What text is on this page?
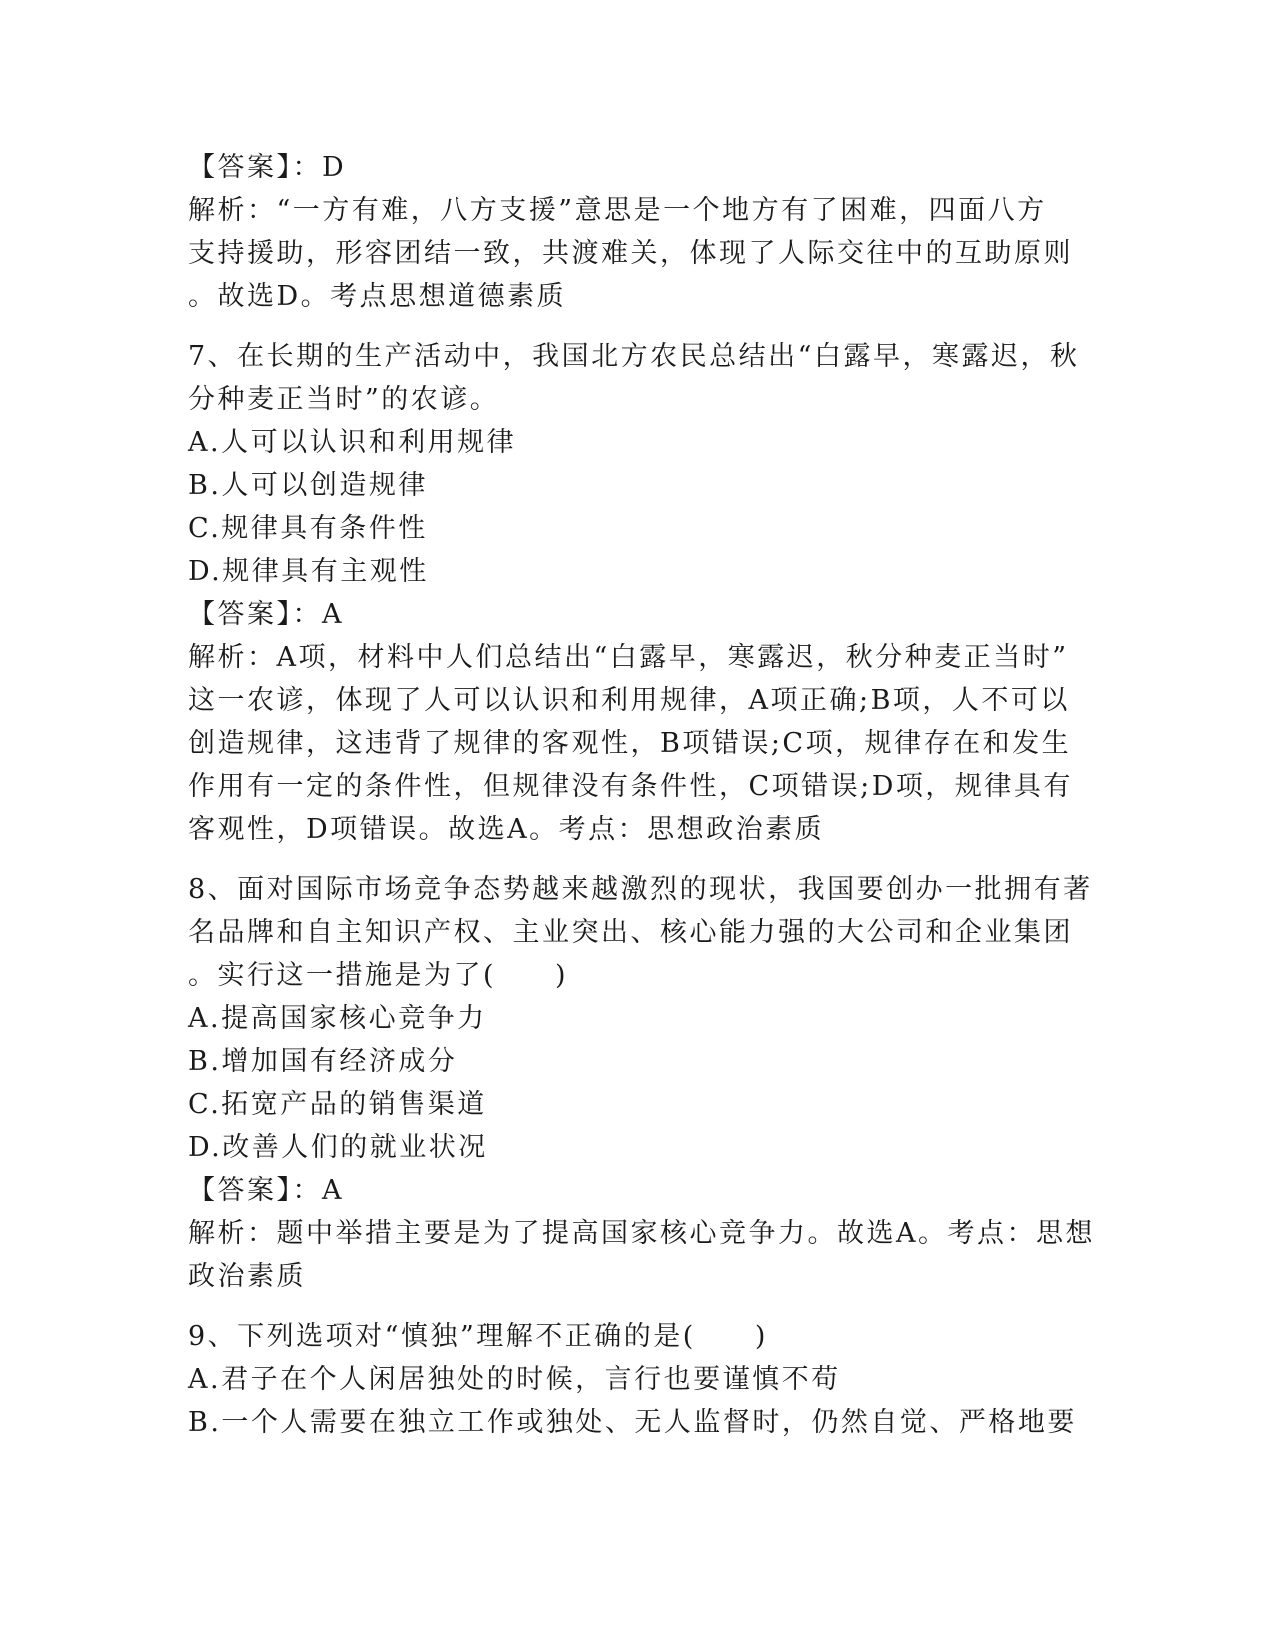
【答案】：D
解析：“一方有难，八方支援”意思是一个地方有了困难，四面八方
支持援助，形容团结一致，共渡难关，体现了人际交往中的互助原则
。故选D。考点思想道德素质
7、在长期的生产活动中，我国北方农民总结出“白露早，寒露迟，秋
分种麦正当时”的农谚。
A.人可以认识和利用规律
B.人可以创造规律
C.规律具有条件性
D.规律具有主观性
【答案】：A
解析：A项，材料中人们总结出“白露早，寒露迟，秋分种麦正当时”
这一农谚，体现了人可以认识和利用规律，A项正确;B项，人不可以
创造规律，这违背了规律的客观性，B项错误;C项，规律存在和发生
作用有一定的条件性，但规律没有条件性，C项错误;D项，规律具有
客观性，D项错误。故选A。考点：思想政治素质
8、面对国际市场竞争态势越来越激烈的现状，我国要创办一批拥有著
名品牌和自主知识产权、主业突出、核心能力强的大公司和企业集团
。实行这一措施是为了(　　)
A.提高国家核心竞争力
B.增加国有经济成分
C.拓宽产品的销售渠道
D.改善人们的就业状况
【答案】：A
解析：题中举措主要是为了提高国家核心竞争力。故选A。考点：思想
政治素质
9、下列选项对“慎独”理解不正确的是(　　)
A.君子在个人闲居独处的时候，言行也要谨慎不苟
B.一个人需要在独立工作或独处、无人监督时，仍然自觉、严格地要
